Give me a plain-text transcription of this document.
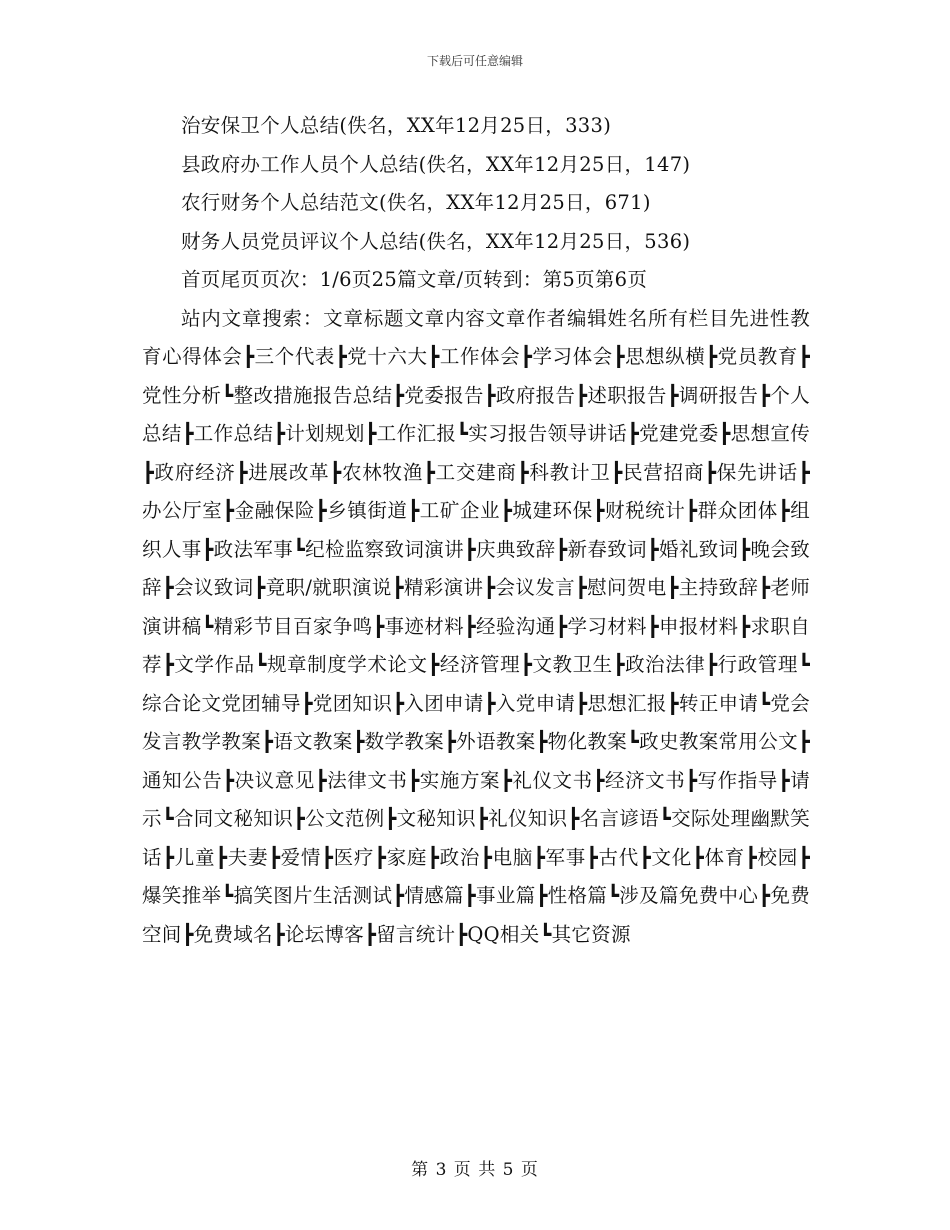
下载后可任意编辑

治安保卫个人总结(佚名，XX年12月25日，333)

县政府办工作人员个人总结(佚名，XX年12月25日，147)

农行财务个人总结范文(佚名，XX年12月25日，671)

财务人员党员评议个人总结(佚名，XX年12月25日，536)

首页尾页页次：1/6页25篇文章/页转到：第5页第6页

站内文章搜索：文章标题文章内容文章作者编辑姓名所有栏目先进性教育心得体会┣三个代表┣党十六大┣工作体会┣学习体会┣思想纵横┣党员教育┣党性分析┗整改措施报告总结┣党委报告┣政府报告┣述职报告┣调研报告┣个人总结┣工作总结┣计划规划┣工作汇报┗实习报告领导讲话┣党建党委┣思想宣传┣政府经济┣进展改革┣农林牧渔┣工交建商┣科教计卫┣民营招商┣保先讲话┣办公厅室┣金融保险┣乡镇街道┣工矿企业┣城建环保┣财税统计┣群众团体┣组织人事┣政法军事┗纪检监察致词演讲┣庆典致辞┣新春致词┣婚礼致词┣晚会致辞┣会议致词┣竟职/就职演说┣精彩演讲┣会议发言┣慰问贺电┣主持致辞┣老师演讲稿┗精彩节目百家争鸣┣事迹材料┣经验沟通┣学习材料┣申报材料┣求职自荐┣文学作品┗规章制度学术论文┣经济管理┣文教卫生┣政治法律┣行政管理┗综合论文党团辅导┣党团知识┣入团申请┣入党申请┣思想汇报┣转正申请┗党会发言教学教案┣语文教案┣数学教案┣外语教案┣物化教案┗政史教案常用公文┣通知公告┣决议意见┣法律文书┣实施方案┣礼仪文书┣经济文书┣写作指导┣请示┗合同文秘知识┣公文范例┣文秘知识┣礼仪知识┣名言谚语┗交际处理幽默笑话┣儿童┣夫妻┣爱情┣医疗┣家庭┣政治┣电脑┣军事┣古代┣文化┣体育┣校园┣爆笑推举┗搞笑图片生活测试┣情感篇┣事业篇┣性格篇┗涉及篇免费中心┣免费空间┣免费域名┣论坛博客┣留言统计┣QQ相关┗其它资源

第 3 页 共 5 页
